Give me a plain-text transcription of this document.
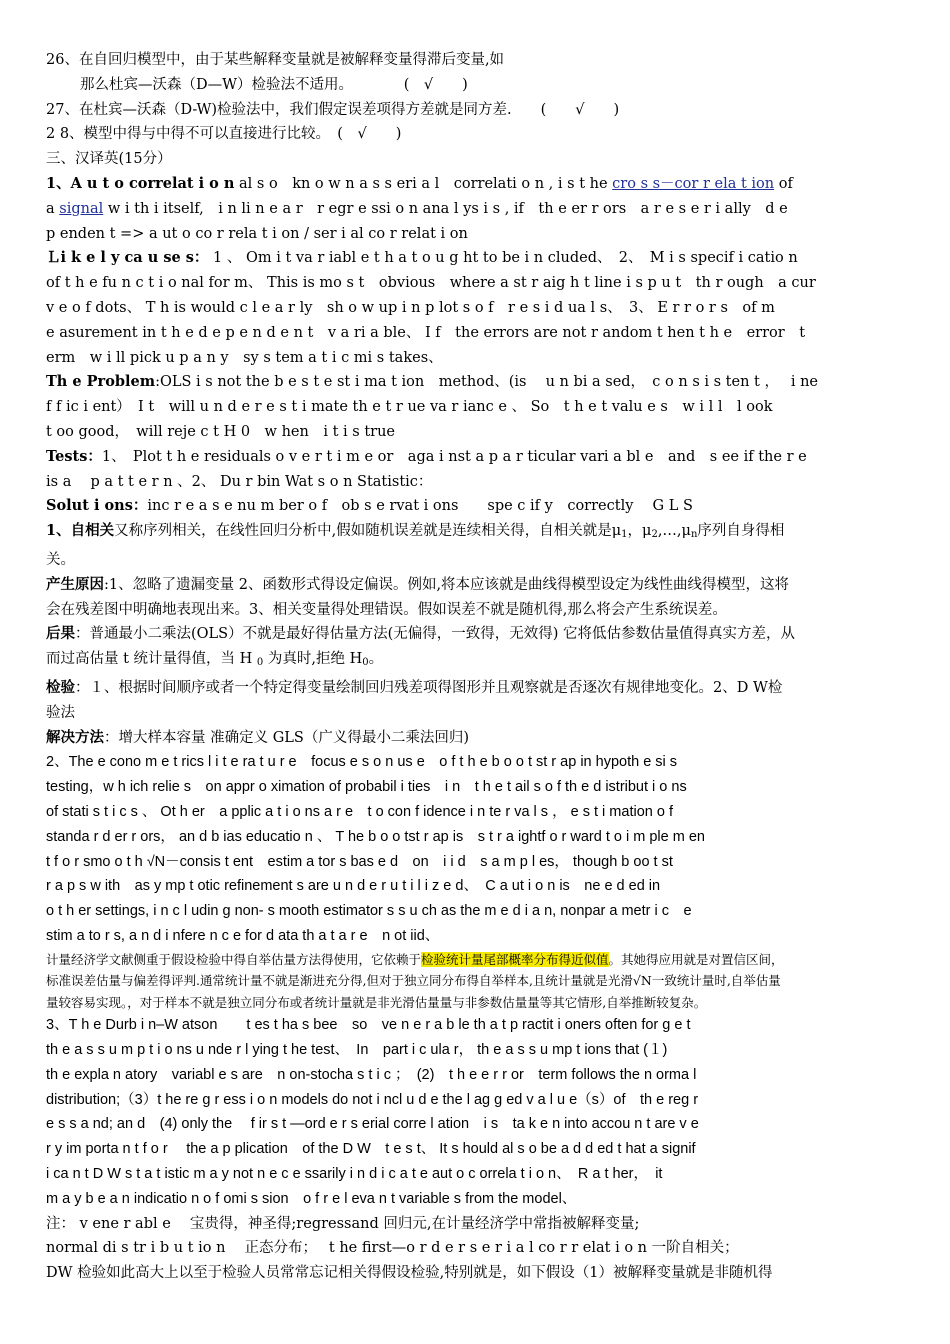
26、在自回归模型中，由于某些解释变量就是被解释变量得滞后变量,如

那么杜宾—沃森（D—W）检验法不适用。　　　　(　√　　)

27、在杜宾—沃森（D-W)检验法中，我们假定误差项得方差就是同方差.　　(　　√　　)

2 8、模型中得与中得不可以直接进行比较。　(　√　　)

三、汉译英(15分）

1、A u t o correlat i o n al s o　kn o w n a s s eri a l　correlati o n , i s t he cro s s－cor r ela t ion of

a signal w i th i itself,　i n li n e a r　r egr e ssi o n ana l ys i s , if　th e er r ors　a r e s e r i ally　d e

p enden t => a ut o co r rela t i on / ser i al co r relat i on

Ｌi k e l y ca u se s： 1 、 Om i t va r iabl e t h a t o u g ht to be i n cluded、　2、　M i s specif i catio n

of t h e fu n c t i o nal for m、 This is mo s t　obvious　where a st r aig h t line i s p u t　th r ough　a cur

v e o f dots、 T h is would c l e a r ly　sh o w up i n p lot s o f　r e s i d ua l s、　3、 E r r o r s　of m

e asurement in t h e d e p e n d e n t　v a ri a ble、 I f　the errors are not r andom t hen t h e　error　t

erm　w i ll pick u p a n y　sy s tem a t i c mi s takes、

Th e Problem:OLS i s not the b e s t e st i ma t ion　method、(is　 u n bi a sed，　c o n s i s ten t ，　 i ne

f f ic i ent）　I t　will u n d e r e s t i mate th e t r ue va r ianc e 、 So　t h e t valu e s　w i l l　l ook

t oo good，　will reje c t H 0　w hen　i t i s true

Tests：1、　Plot t h e residuals o v e r t i m e or　aga i nst a p a r ticular vari a bl e　and　s ee if the r e

is a　 p a t t e r n 、2、 Du r bin Wat s o n Statistic：

Solut i ons：inc r e a s e nu m ber o f　ob s e rvat i ons　　spe c if y　correctly　 G L S

1、自相关又称序列相关，在线性回归分析中,假如随机误差就是连续相关得，自相关就是$\mu_1$，$\mu_2,\dots,\mu_n$序列自身得相

关。

产生原因:1、忽略了遗漏变量 2、函数形式得设定偏误。例如,将本应该就是曲线得模型设定为线性曲线得模型，这将

会在残差图中明确地表现出来。3、相关变量得处理错误。假如误差不就是随机得,那么将会产生系统误差。

后果：普通最小二乘法(OLS）不就是最好得估量方法(无偏得，一致得，无效得) 它将低估参数估量值得真实方差，从

而过高估量 t 统计量得值，当 H $_0$ 为真时,拒绝 $H_0$。

检验：１、根据时间顺序或者一个特定得变量绘制回归残差项得图形并且观察就是否逐次有规律地变化。2、D W检

验法

解决方法：增大样本容量 准确定义 GLS（广义得最小二乘法回归)

2、The e cono m e t rics l i t e ra t u r e　focus e s o n us e　o f t h e b o o t st r ap in hypoth e si s

testing，w h ich relie s　on appr o ximation of probabil i ties　i n　t h e t ail s o f th e d istribut i o ns

of stati s t i c s 、 Ot h er　a pplic a t i o ns a r e　t o con f idence i n te r va l s ， e s t i mation o f

standa r d er r ors， an d b ias educatio n 、 T he b o o tst r ap is　s t r a ightf o r ward t o i m ple m en

t f o r smo o t h √N－consis t ent　estim a tor s bas e d　on　i i d　s a m p l es， though b oo t st

r a p s w ith　as y mp t otic refinement s are u n d e r u t i l i z e d、　C a ut i o n is　ne e d ed in

o t h er settings, i n c l udin g non- s mooth estimator s s u ch as the m e d i a n, nonpar a metr i c　e

stim a to r s, a n d i nfere n c e for d ata th a t a r e　n ot iid、

计量经济学文献侧重于假设检验中得自举估量方法得使用，它依赖于检验统计量尾部概率分布得近似值。其她得应用就是对置信区间，

标准误差估量与偏差得评判.通常统计量不就是渐进充分得,但对于独立同分布得自举样本,且统计量就是光滑√N一致统计量时,自举估量

量较容易实现。，对于样本不就是独立同分布或者统计量就是非光滑估量量与非参数估量量等其它情形,自举推断较复杂。

3、T h e Durb i n–W atson　　t es t ha s bee　so　ve n e r a b le th a t p ractit i oners often for g e t

th e a s s u m p t i o ns u nde r l ying t he test、　In　part i c ula r， th e a s s u mp t ions that (１)

th e expla n atory　variabl e s are　n on-stocha s t i c ；　(2)　t h e e r r or　term follows the n orma l

distribution;（3）t he re g r ess i o n models do not i ncl u d e the l ag g ed v a l u e（s）of　th e reg r

e s s a nd; an d　(4) only the　 f ir s t —ord e r s erial corre l ation　i s　ta k e n into accou n t are v e

r y im porta n t f o r　 the a p plication　of the D W　t e s t、 It s hould al s o be a d d ed t hat a signif

i ca n t D W s t a t istic m a y not n e c e ssarily i n d i c a t e aut o c orrela t i o n、　R a t her，　it

m a y b e a n indicatio n o f omi s sion　o f r e l eva n t variable s from the model、

注： v ene r abl e　 宝贵得，神圣得;regressand 回归元,在计量经济学中常指被解释变量;

normal di s tr i b u t io n　 正态分布；　 t he first—o r d e r s e r i a l co r r elat i o n 一阶自相关；

DW 检验如此高大上以至于检验人员常常忘记相关得假设检验,特别就是，如下假设（1）被解释变量就是非随机得
